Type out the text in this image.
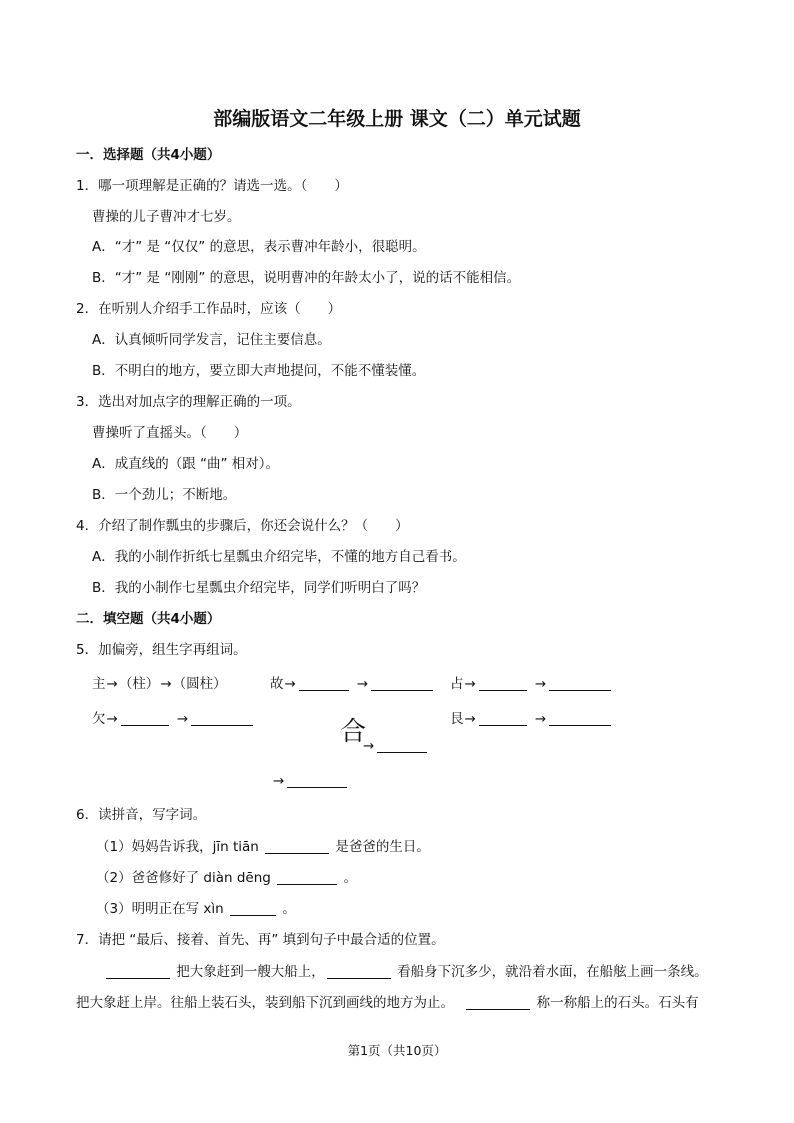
部编版语文二年级上册 课文（二）单元试题
一．选择题（共4小题）
1．哪一项理解是正确的？请选一选。（　　）
曹操的儿子曹冲才七岁。
A．“才” 是 “仅仅” 的意思，表示曹冲年龄小，很聪明。
B．“才” 是 “刚刚” 的意思，说明曹冲的年龄太小了，说的话不能相信。
2．在听别人介绍手工作品时，应该（　　）
A．认真倾听同学发言，记住主要信息。
B．不明白的地方，要立即大声地提问，不能不懂装懂。
3．选出对加点字的理解正确的一项。
曹操听了直摇头。（　　）
A．成直线的（跟 “曲” 相对）。
B．一个劲儿；不断地。
4．介绍了制作瓢虫的步骤后，你还会说什么？（　　）
A．我的小制作折纸七星瓢虫介绍完毕，不懂的地方自己看书。
B．我的小制作七星瓢虫介绍完毕，同学们听明白了吗？
二．填空题（共4小题）
5．加偏旁，组生字再组词。
主→（柱）→（圆柱）	故→	→	占→	→
欠→	→	艮→	→
合
→
→
6．读拼音，写字词。
（1）妈妈告诉我，jīn tiān	是爸爸的生日。
（2）爸爸修好了 diàn dēng	。
（3）明明正在写 xìn	。
7．请把 “最后、接着、首先、再” 填到句子中最合适的位置。
把大象赶到一艘大船上，	看船身下沉多少，就沿着水面，在船舷上画一条线。
把大象赶上岸。往船上装石头，装到船下沉到画线的地方为止。	称一称船上的石头。石头有
第1页（共10页）
